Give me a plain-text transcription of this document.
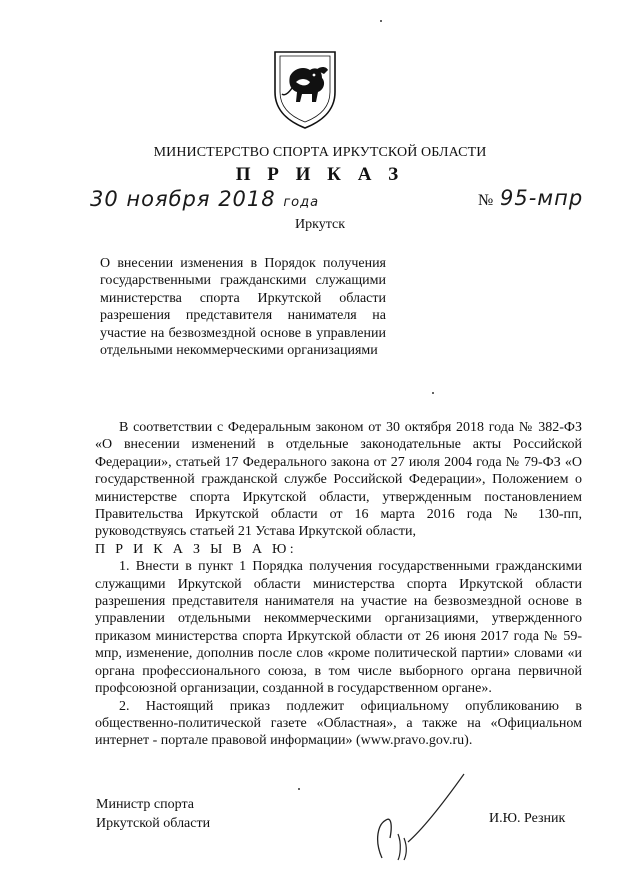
МИНИСТЕРСТВО СПОРТА ИРКУТСКОЙ ОБЛАСТИ
П Р И К А З
30 ноября 2018 года	№ 95-мпр
Иркутск
О внесении изменения в Порядок получения государственными гражданскими служащими министерства спорта Иркутской области разрешения представителя нанимателя на участие на безвозмездной основе в управлении отдельными некоммерческими организациями

В соответствии с Федеральным законом от 30 октября 2018 года № 382-ФЗ «О внесении изменений в отдельные законодательные акты Российской Федерации», статьей 17 Федерального закона от 27 июля 2004 года № 79-ФЗ «О государственной гражданской службе Российской Федерации», Положением о министерстве спорта Иркутской области, утвержденным постановлением Правительства Иркутской области от 16 марта 2016 года № 130-пп, руководствуясь статьей 21 Устава Иркутской области,

П Р И К А З Ы В А Ю:

1. Внести в пункт 1 Порядка получения государственными гражданскими служащими Иркутской области министерства спорта Иркутской области разрешения представителя нанимателя на участие на безвозмездной основе в управлении отдельными некоммерческими организациями, утвержденного приказом министерства спорта Иркутской области от 26 июня 2017 года № 59-мпр, изменение, дополнив после слов «кроме политической партии» словами «и органа профессионального союза, в том числе выборного органа первичной профсоюзной организации, созданной в государственном органе».

2. Настоящий приказ подлежит официальному опубликованию в общественно-политической газете «Областная», а также на «Официальном интернет - портале правовой информации» (www.pravo.gov.ru).

Министр спорта
Иркутской области	И.Ю. Резник
